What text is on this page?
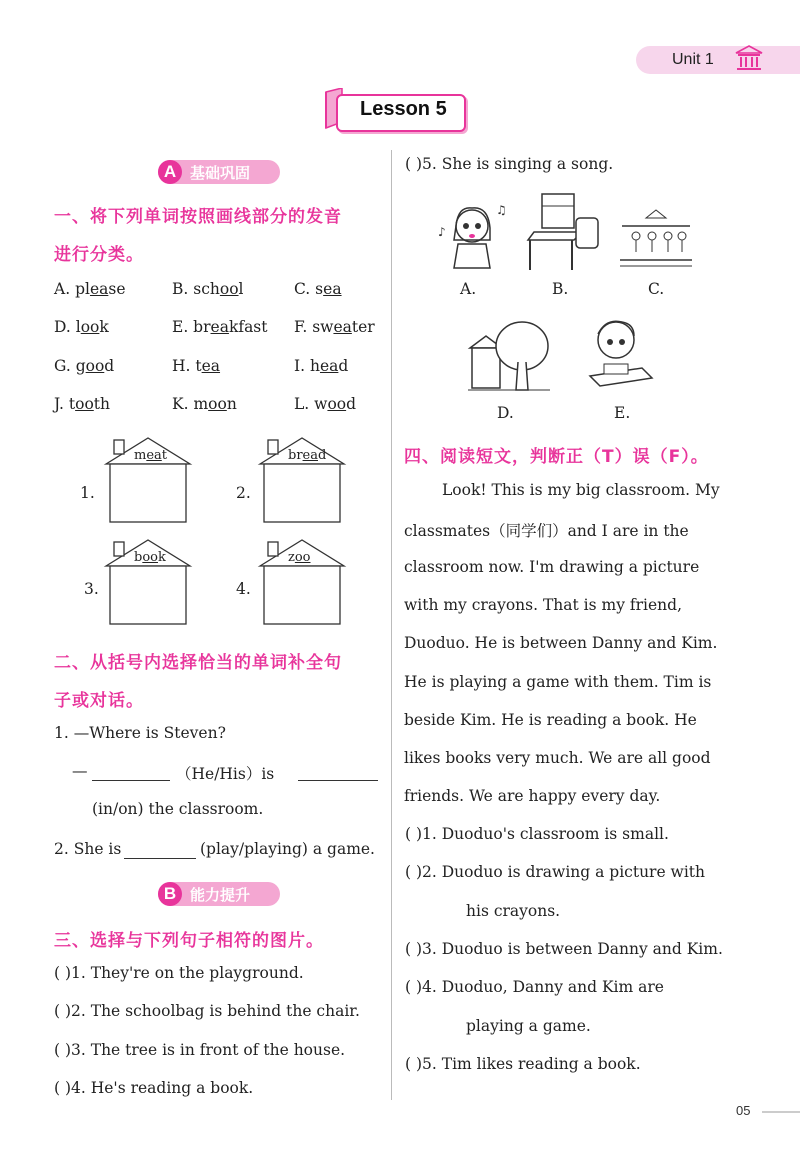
Unit 1
Lesson 5
A 基础巩固
一、将下列单词按照画线部分的发音
进行分类。
A. please	B. school	C. sea
D. look	E. breakfast F. sweater
G. good	H. tea	I. head
J. tooth	K. moon	L. wood
meat
1.
bread
2.
book
3.
zoo
4.
二、从括号内选择恰当的单词补全句
子或对话。
1. —Where is Steven?
—	（He/His）is
(in/on) the classroom.
2. She is	(play/playing) a game.
B 能力提升
三、选择与下列句子相符的图片。
( )1. They're on the playground.
( )2. The schoolbag is behind the chair.
( )3. The tree is in front of the house.
( )4. He's reading a book.
( )5. She is singing a song.
♪
♫
A.	B.	C.
D.	E.
四、阅读短文，判断正（T）误（F）。
Look! This is my big classroom. My
classmates（同学们）and I are in the
classroom now. I'm drawing a picture
with my crayons. That is my friend,
Duoduo. He is between Danny and Kim.
He is playing a game with them. Tim is
beside Kim. He is reading a book. He
likes books very much. We are all good
friends. We are happy every day.
( )1. Duoduo's classroom is small.
( )2. Duoduo is drawing a picture with
his crayons.
( )3. Duoduo is between Danny and Kim.
( )4. Duoduo, Danny and Kim are
playing a game.
( )5. Tim likes reading a book.
05
